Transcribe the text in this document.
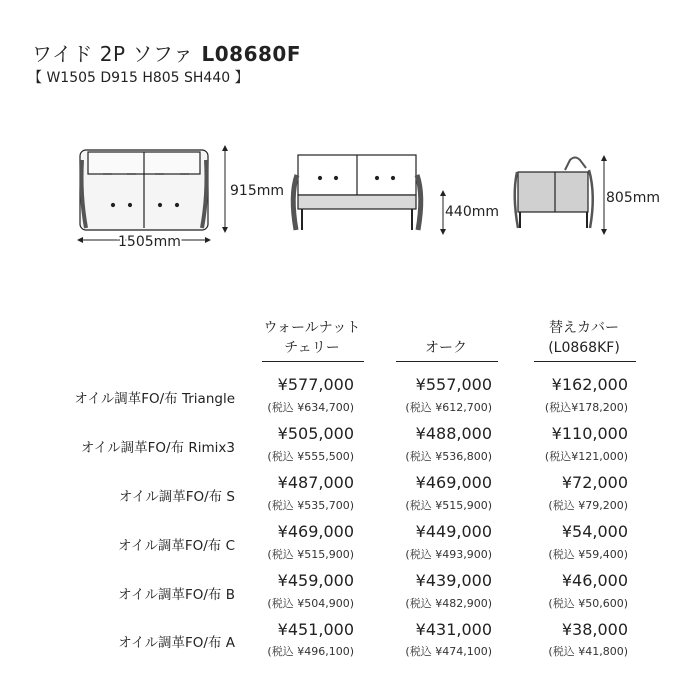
ワイド 2P ソファ L08680F
【 W1505 D915 H805 SH440 】
915mm
1505mm
440mm
805mm
ウォールナット
チェリー	オーク
替えカバー
(L0868KF)
オイル調革FO/布 Triangle
¥577,000
(税込 ¥634,700)
¥557,000
(税込 ¥612,700)
¥162,000
(税込¥178,200)
オイル調革FO/布 Rimix3
¥505,000
(税込 ¥555,500)
¥488,000
(税込 ¥536,800)
¥110,000
(税込¥121,000)
オイル調革FO/布 S
¥487,000
(税込 ¥535,700)
¥469,000
(税込 ¥515,900)
¥72,000
(税込 ¥79,200)
オイル調革FO/布 C
¥469,000
(税込 ¥515,900)
¥449,000
(税込 ¥493,900)
¥54,000
(税込 ¥59,400)
オイル調革FO/布 B
¥459,000
(税込 ¥504,900)
¥439,000
(税込 ¥482,900)
¥46,000
(税込 ¥50,600)
オイル調革FO/布 A
¥451,000
(税込 ¥496,100)
¥431,000
(税込 ¥474,100)
¥38,000
(税込 ¥41,800)
